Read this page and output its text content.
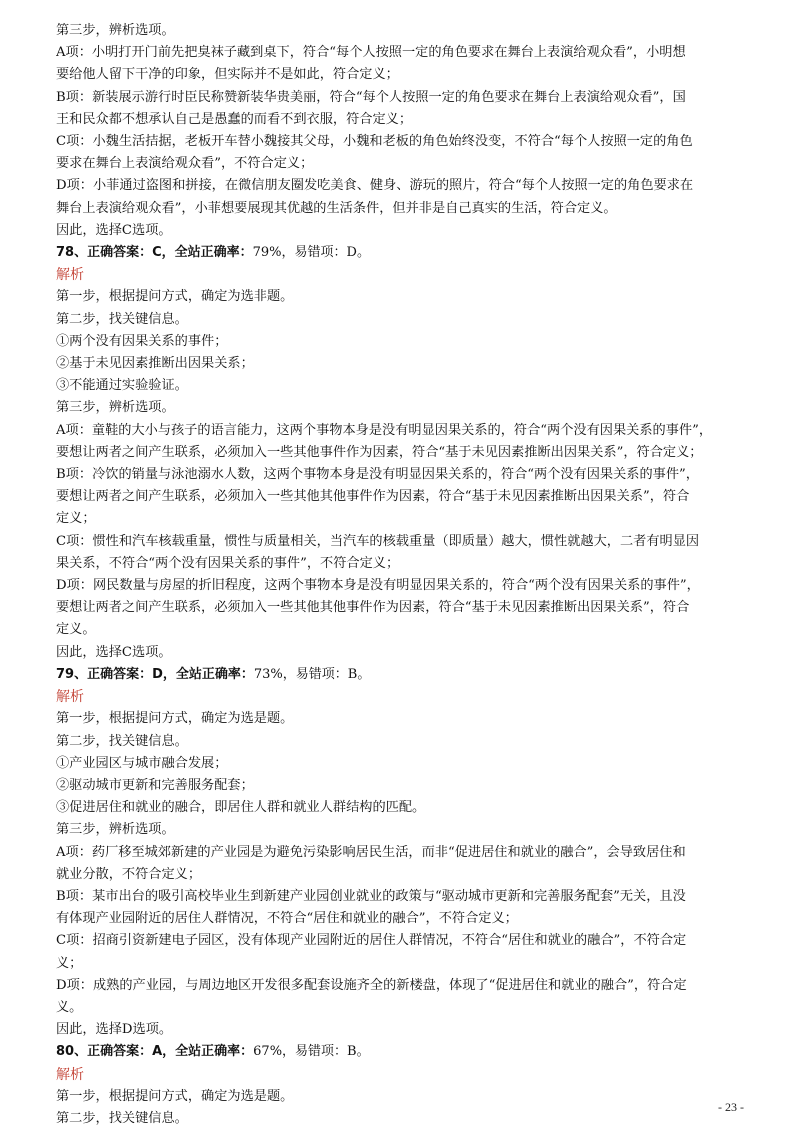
第三步，辨析选项。
A项：小明打开门前先把臭袜子藏到桌下，符合“每个人按照一定的角色要求在舞台上表演给观众看”，小明想
要给他人留下干净的印象，但实际并不是如此，符合定义；
B项：新装展示游行时臣民称赞新装华贵美丽，符合“每个人按照一定的角色要求在舞台上表演给观众看”，国
王和民众都不想承认自己是愚蠢的而看不到衣服，符合定义；
C项：小魏生活拮据，老板开车替小魏接其父母，小魏和老板的角色始终没变，不符合“每个人按照一定的角色
要求在舞台上表演给观众看”，不符合定义；
D项：小菲通过盗图和拼接，在微信朋友圈发吃美食、健身、游玩的照片，符合“每个人按照一定的角色要求在
舞台上表演给观众看”，小菲想要展现其优越的生活条件，但并非是自己真实的生活，符合定义。
因此，选择C选项。
78、正确答案：C，全站正确率：79%，易错项：D。
解析
第一步，根据提问方式，确定为选非题。
第二步，找关键信息。
①两个没有因果关系的事件；
②基于未见因素推断出因果关系；
③不能通过实验验证。
第三步，辨析选项。
A项：童鞋的大小与孩子的语言能力，这两个事物本身是没有明显因果关系的，符合“两个没有因果关系的事件”，
要想让两者之间产生联系，必须加入一些其他事件作为因素，符合“基于未见因素推断出因果关系”，符合定义；
B项：冷饮的销量与泳池溺水人数，这两个事物本身是没有明显因果关系的，符合“两个没有因果关系的事件”，
要想让两者之间产生联系，必须加入一些其他其他事件作为因素，符合“基于未见因素推断出因果关系”，符合
定义；
C项：惯性和汽车核载重量，惯性与质量相关，当汽车的核载重量（即质量）越大，惯性就越大，二者有明显因
果关系，不符合“两个没有因果关系的事件”，不符合定义；
D项：网民数量与房屋的折旧程度，这两个事物本身是没有明显因果关系的，符合“两个没有因果关系的事件”，
要想让两者之间产生联系，必须加入一些其他其他事件作为因素，符合“基于未见因素推断出因果关系”，符合
定义。
因此，选择C选项。
79、正确答案：D，全站正确率：73%，易错项：B。
解析
第一步，根据提问方式，确定为选是题。
第二步，找关键信息。
①产业园区与城市融合发展；
②驱动城市更新和完善服务配套；
③促进居住和就业的融合，即居住人群和就业人群结构的匹配。
第三步，辨析选项。
A项：药厂移至城郊新建的产业园是为避免污染影响居民生活，而非“促进居住和就业的融合”，会导致居住和
就业分散，不符合定义；
B项：某市出台的吸引高校毕业生到新建产业园创业就业的政策与“驱动城市更新和完善服务配套”无关，且没
有体现产业园附近的居住人群情况，不符合“居住和就业的融合”，不符合定义；
C项：招商引资新建电子园区，没有体现产业园附近的居住人群情况，不符合“居住和就业的融合”，不符合定
义；
D项：成熟的产业园，与周边地区开发很多配套设施齐全的新楼盘，体现了“促进居住和就业的融合”，符合定
义。
因此，选择D选项。
80、正确答案：A，全站正确率：67%，易错项：B。
解析
第一步，根据提问方式，确定为选是题。
第二步，找关键信息。
- 23 -
